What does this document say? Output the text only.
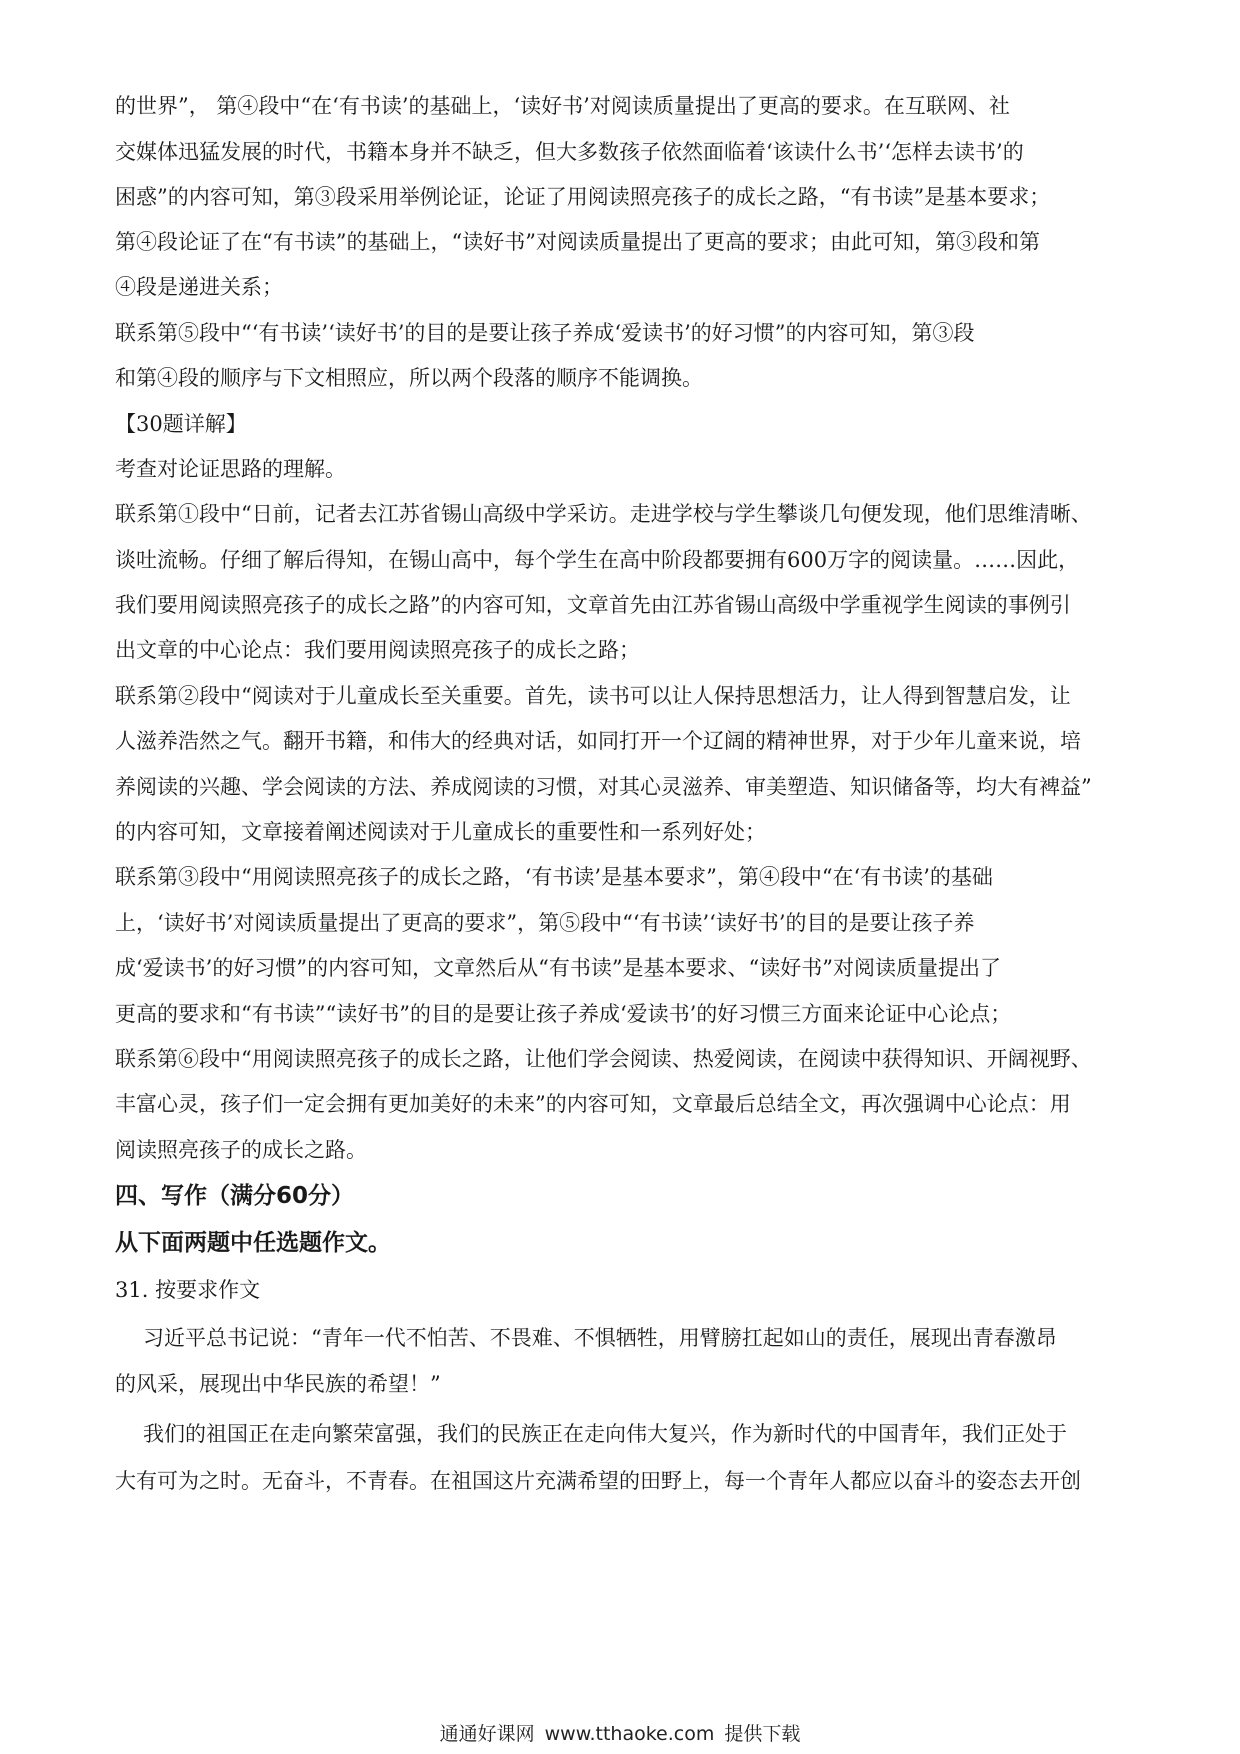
的世界”， 第④段中“在‘有书读’的基础上，‘读好书’对阅读质量提出了更高的要求。在互联网、社
交媒体迅猛发展的时代，书籍本身并不缺乏，但大多数孩子依然面临着‘该读什么书’‘怎样去读书’的
困惑”的内容可知，第③段采用举例论证，论证了用阅读照亮孩子的成长之路，“有书读”是基本要求；
第④段论证了在“有书读”的基础上，“读好书”对阅读质量提出了更高的要求；由此可知，第③段和第
④段是递进关系；
联系第⑤段中“‘有书读’‘读好书’的目的是要让孩子养成‘爱读书’的好习惯”的内容可知，第③段
和第④段的顺序与下文相照应，所以两个段落的顺序不能调换。
【30题详解】
考查对论证思路的理解。
联系第①段中“日前，记者去江苏省锡山高级中学采访。走进学校与学生攀谈几句便发现，他们思维清晰、
谈吐流畅。仔细了解后得知，在锡山高中，每个学生在高中阶段都要拥有600万字的阅读量。……因此，
我们要用阅读照亮孩子的成长之路”的内容可知，文章首先由江苏省锡山高级中学重视学生阅读的事例引
出文章的中心论点：我们要用阅读照亮孩子的成长之路；
联系第②段中“阅读对于儿童成长至关重要。首先，读书可以让人保持思想活力，让人得到智慧启发，让
人滋养浩然之气。翻开书籍，和伟大的经典对话，如同打开一个辽阔的精神世界，对于少年儿童来说，培
养阅读的兴趣、学会阅读的方法、养成阅读的习惯，对其心灵滋养、审美塑造、知识储备等，均大有裨益”
的内容可知，文章接着阐述阅读对于儿童成长的重要性和一系列好处；
联系第③段中“用阅读照亮孩子的成长之路，‘有书读’是基本要求”，第④段中“在‘有书读’的基础
上，‘读好书’对阅读质量提出了更高的要求”，第⑤段中“‘有书读’‘读好书’的目的是要让孩子养
成‘爱读书’的好习惯”的内容可知，文章然后从“有书读”是基本要求、“读好书”对阅读质量提出了
更高的要求和“有书读”“读好书”的目的是要让孩子养成‘爱读书’的好习惯三方面来论证中心论点；
联系第⑥段中“用阅读照亮孩子的成长之路，让他们学会阅读、热爱阅读，在阅读中获得知识、开阔视野、
丰富心灵，孩子们一定会拥有更加美好的未来”的内容可知，文章最后总结全文，再次强调中心论点：用
阅读照亮孩子的成长之路。
四、写作（满分60分）
从下面两题中任选题作文。
31. 按要求作文
习近平总书记说：“青年一代不怕苦、不畏难、不惧牺牲，用臂膀扛起如山的责任，展现出青春激昂
的风采，展现出中华民族的希望！”
我们的祖国正在走向繁荣富强，我们的民族正在走向伟大复兴，作为新时代的中国青年，我们正处于
大有可为之时。无奋斗，不青春。在祖国这片充满希望的田野上，每一个青年人都应以奋斗的姿态去开创
通通好课网 www.tthaoke.com 提供下载
